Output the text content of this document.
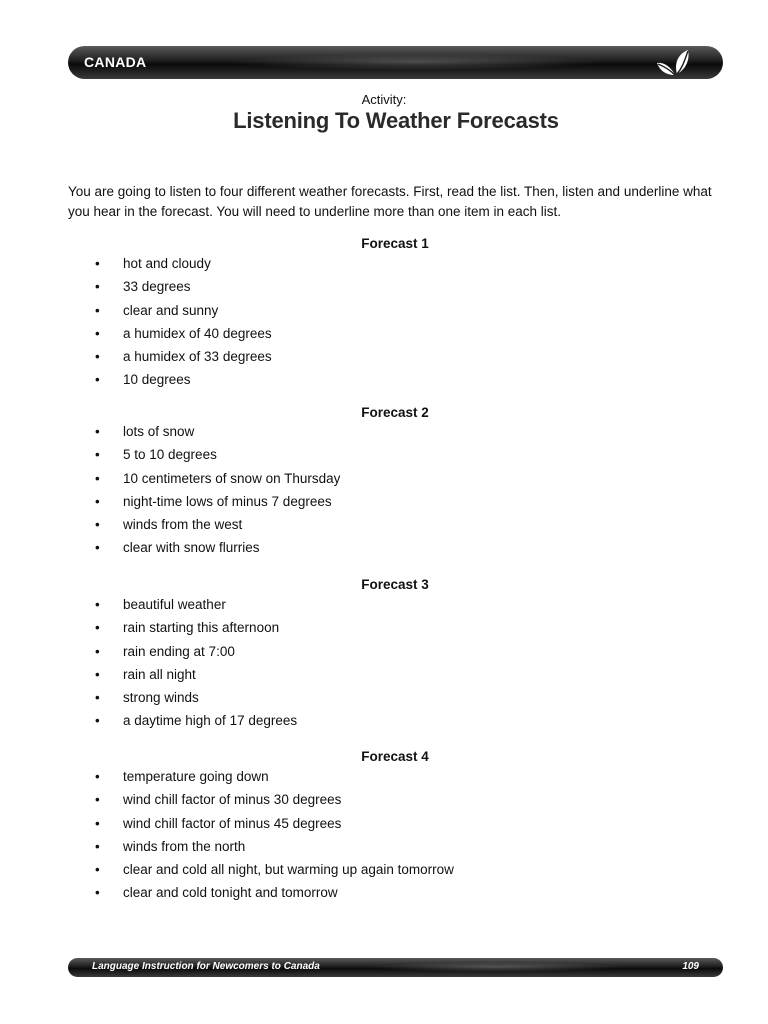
CANADA
Activity:
Listening To Weather Forecasts
You are going to listen to four different weather forecasts. First, read the list. Then, listen and underline what you hear in the forecast. You will need to underline more than one item in each list.
Forecast 1
• hot and cloudy
• 33 degrees
• clear and sunny
• a humidex of 40 degrees
• a humidex of 33 degrees
• 10 degrees
Forecast 2
• lots of snow
• 5 to 10 degrees
• 10 centimeters of snow on Thursday
• night-time lows of minus 7 degrees
• winds from the west
• clear with snow flurries
Forecast 3
• beautiful weather
• rain starting this afternoon
• rain ending at 7:00
• rain all night
• strong winds
• a daytime high of 17 degrees
Forecast 4
• temperature going down
• wind chill factor of minus 30 degrees
• wind chill factor of minus 45 degrees
• winds from the north
• clear and cold all night, but warming up again tomorrow
• clear and cold tonight and tomorrow
Language Instruction for Newcomers to Canada	109
